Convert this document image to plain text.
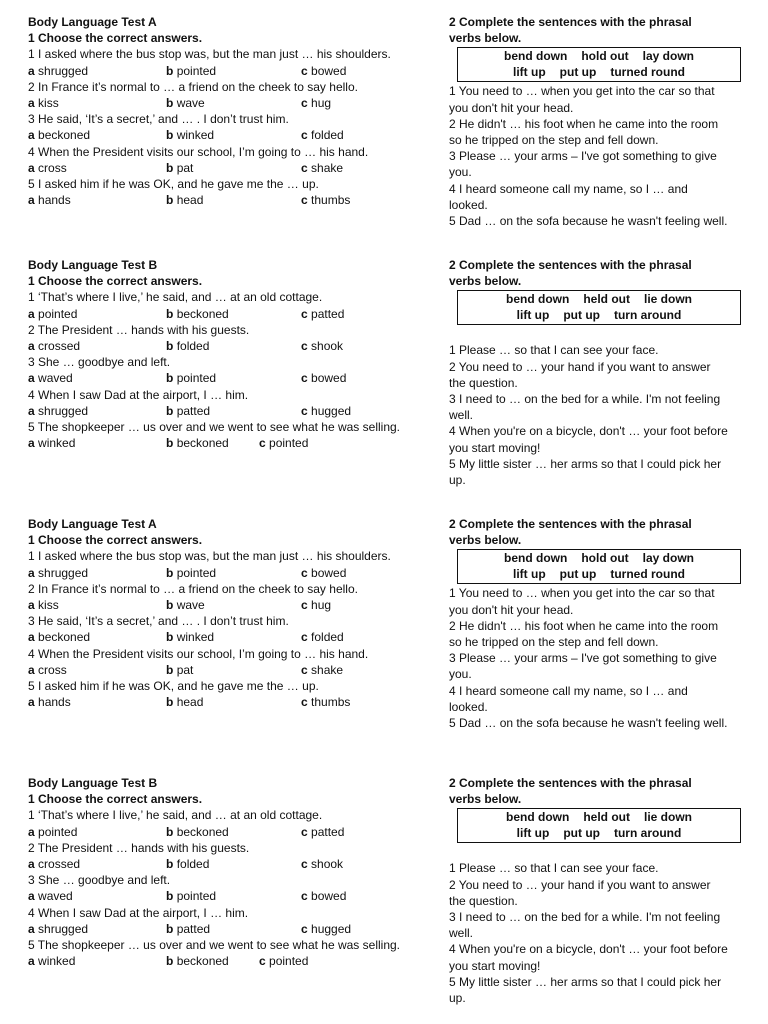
Body Language Test A
1 Choose the correct answers.
1 I asked where the bus stop was, but the man just … his shoulders.
a shrugged	b pointed	c bowed
2 In France it’s normal to … a friend on the cheek to say hello.
a kiss	b wave	c hug
3 He said, ‘It’s a secret,’ and … . I don’t trust him.
a beckoned	b winked	c folded
4 When the President visits our school, I’m going to … his hand.
a cross	b pat	c shake
5 I asked him if he was OK, and he gave me the … up.
a hands	b head	c thumbs
2 Complete the sentences with the phrasal
verbs below.
bend down hold out lay down
lift up put up turned round
1 You need to … when you get into the car so that
you don't hit your head.
2 He didn't … his foot when he came into the room
so he tripped on the step and fell down.
3 Please … your arms – I've got something to give
you.
4 I heard someone call my name, so I … and
looked.
5 Dad … on the sofa because he wasn't feeling well.
Body Language Test B
1 Choose the correct answers.
1 ‘That’s where I live,’ he said, and … at an old cottage.
a pointed	b beckoned	c patted
2 The President … hands with his guests.
a crossed	b folded	c shook
3 She … goodbye and left.
a waved	b pointed	c bowed
4 When I saw Dad at the airport, I … him.
a shrugged	b patted	c hugged
5 The shopkeeper … us over and we went to see what he was selling.
a winked	b beckoned	c pointed
2 Complete the sentences with the phrasal
verbs below.
bend down held out lie down
lift up put up turn around
1 Please … so that I can see your face.
2 You need to … your hand if you want to answer
the question.
3 I need to … on the bed for a while. I'm not feeling
well.
4 When you're on a bicycle, don't … your foot before
you start moving!
5 My little sister … her arms so that I could pick her
up.
Body Language Test A
1 Choose the correct answers.
1 I asked where the bus stop was, but the man just … his shoulders.
a shrugged	b pointed	c bowed
2 In France it’s normal to … a friend on the cheek to say hello.
a kiss	b wave	c hug
3 He said, ‘It’s a secret,’ and … . I don’t trust him.
a beckoned	b winked	c folded
4 When the President visits our school, I’m going to … his hand.
a cross	b pat	c shake
5 I asked him if he was OK, and he gave me the … up.
a hands	b head	c thumbs
2 Complete the sentences with the phrasal
verbs below.
bend down hold out lay down
lift up put up turned round
1 You need to … when you get into the car so that
you don't hit your head.
2 He didn't … his foot when he came into the room
so he tripped on the step and fell down.
3 Please … your arms – I've got something to give
you.
4 I heard someone call my name, so I … and
looked.
5 Dad … on the sofa because he wasn't feeling well.
Body Language Test B
1 Choose the correct answers.
1 ‘That’s where I live,’ he said, and … at an old cottage.
a pointed	b beckoned	c patted
2 The President … hands with his guests.
a crossed	b folded	c shook
3 She … goodbye and left.
a waved	b pointed	c bowed
4 When I saw Dad at the airport, I … him.
a shrugged	b patted	c hugged
5 The shopkeeper … us over and we went to see what he was selling.
a winked	b beckoned	c pointed
2 Complete the sentences with the phrasal
verbs below.
bend down held out lie down
lift up put up turn around
1 Please … so that I can see your face.
2 You need to … your hand if you want to answer
the question.
3 I need to … on the bed for a while. I'm not feeling
well.
4 When you're on a bicycle, don't … your foot before
you start moving!
5 My little sister … her arms so that I could pick her
up.
